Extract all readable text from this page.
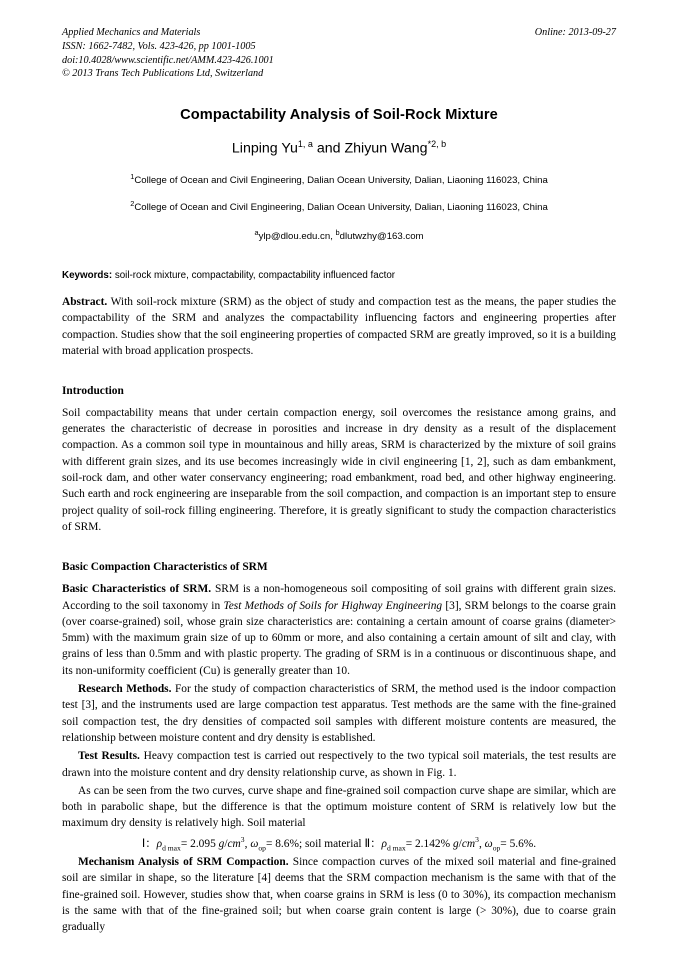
Applied Mechanics and Materials
ISSN: 1662-7482, Vols. 423-426, pp 1001-1005
doi:10.4028/www.scientific.net/AMM.423-426.1001
© 2013 Trans Tech Publications Ltd, Switzerland
Online: 2013-09-27
Compactability Analysis of Soil-Rock Mixture
Linping Yu$^{1, a}$ and Zhiyun Wang$^{*2, b}$
$^1$College of Ocean and Civil Engineering, Dalian Ocean University, Dalian, Liaoning 116023, China
$^2$College of Ocean and Civil Engineering, Dalian Ocean University, Dalian, Liaoning 116023, China
$^a$ylp@dlou.edu.cn, $^b$dlutwzhy@163.com
Keywords: soil-rock mixture, compactability, compactability influenced factor
Abstract. With soil-rock mixture (SRM) as the object of study and compaction test as the means, the paper studies the compactability of the SRM and analyzes the compactability influencing factors and engineering properties after compaction. Studies show that the soil engineering properties of compacted SRM are greatly improved, so it is a building material with broad application prospects.
Introduction

Soil compactability means that under certain compaction energy, soil overcomes the resistance among grains, and generates the characteristic of decrease in porosities and increase in dry density as a result of the displacement compaction. As a common soil type in mountainous and hilly areas, SRM is characterized by the mixture of soil grains with different grain sizes, and its use becomes increasingly wide in civil engineering [1, 2], such as dam embankment, soil-rock dam, and other water conservancy engineering; road embankment, road bed, and other highway engineering. Such earth and rock engineering are inseparable from the soil compaction, and compaction is an important step to ensure project quality of soil-rock filling engineering. Therefore, it is greatly significant to study the compaction characteristics of SRM.

Basic Compaction Characteristics of SRM

Basic Characteristics of SRM. SRM is a non-homogeneous soil compositing of soil grains with different grain sizes. According to the soil taxonomy in Test Methods of Soils for Highway Engineering [3], SRM belongs to the coarse grain (over coarse-grained) soil, whose grain size characteristics are: containing a certain amount of coarse grains (diameter> 5mm) with the maximum grain size of up to 60mm or more, and also containing a certain amount of silt and clay, with grains of less than 0.5mm and with plastic property. The grading of SRM is in a continuous or discontinuous shape, and its non-uniformity coefficient (Cu) is generally greater than 10.

Research Methods. For the study of compaction characteristics of SRM, the method used is the indoor compaction test [3], and the instruments used are large compaction test apparatus. Test methods are the same with the fine-grained soil compaction test, the dry densities of compacted soil samples with different moisture contents are measured, the relationship between moisture content and dry density is established.

Test Results. Heavy compaction test is carried out respectively to the two typical soil materials, the test results are drawn into the moisture content and dry density relationship curve, as shown in Fig. 1.

As can be seen from the two curves, curve shape and fine-grained soil compaction curve shape are similar, which are both in parabolic shape, but the difference is that the optimum moisture content of SRM is relatively low but the maximum dry density is relatively high. Soil material

Ⅰ：$\rho_{d max}= 2.095$ $g/cm^3$, $\omega_{op}= 8.6\%$; soil material Ⅱ：$\rho_{d max}= 2.142\%$ $g/cm^3$, $\omega_{op}= 5.6\%$.

Mechanism Analysis of SRM Compaction. Since compaction curves of the mixed soil material and fine-grained soil are similar in shape, so the literature [4] deems that the SRM compaction mechanism is the same with that of the fine-grained soil. However, studies show that, when coarse grains in SRM is less (0 to 30%), its compaction mechanism is the same with that of the fine-grained soil; but when coarse grain content is large (> 30%), due to coarse grain gradually
